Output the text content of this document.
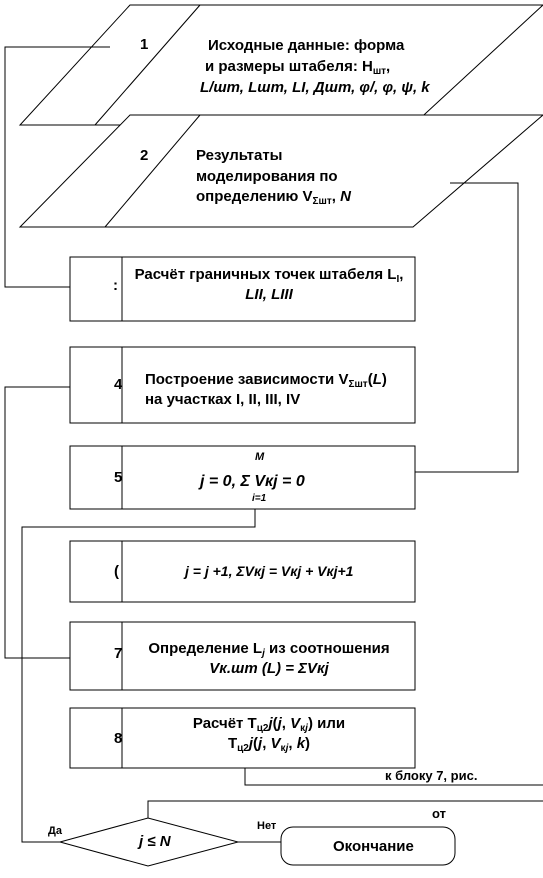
1	Исходные данные: форма
и размеры штабеля: $H_{шт}$,
L/шт, Lшт, LI, Дшт, φ/, φ, ψ, k
2	Результаты
моделирования по
определению $V_{\Sigma шт}$, N
:
Расчёт граничных точек штабеля $L_I$,
LII, LIII
4 Построение зависимости $V_{\Sigma шт}(L)$
на участках I, II, III, IV
5
M
i=1
j = 0, Σ Vкj = 0
(	j = j +1, ΣVкj = Vкj + Vкj+1
7	Определение $L_j$ из соотношения
Vк.шт (L) = ΣVкj
8
Расчёт $T_{ц2}j(j$, $V_{кj}$) или
$T_{ц2}j(j$, $V_{кj}$, k)
к блоку 7, рис.
от
Да	Нет
j ≤ N	Окончание
